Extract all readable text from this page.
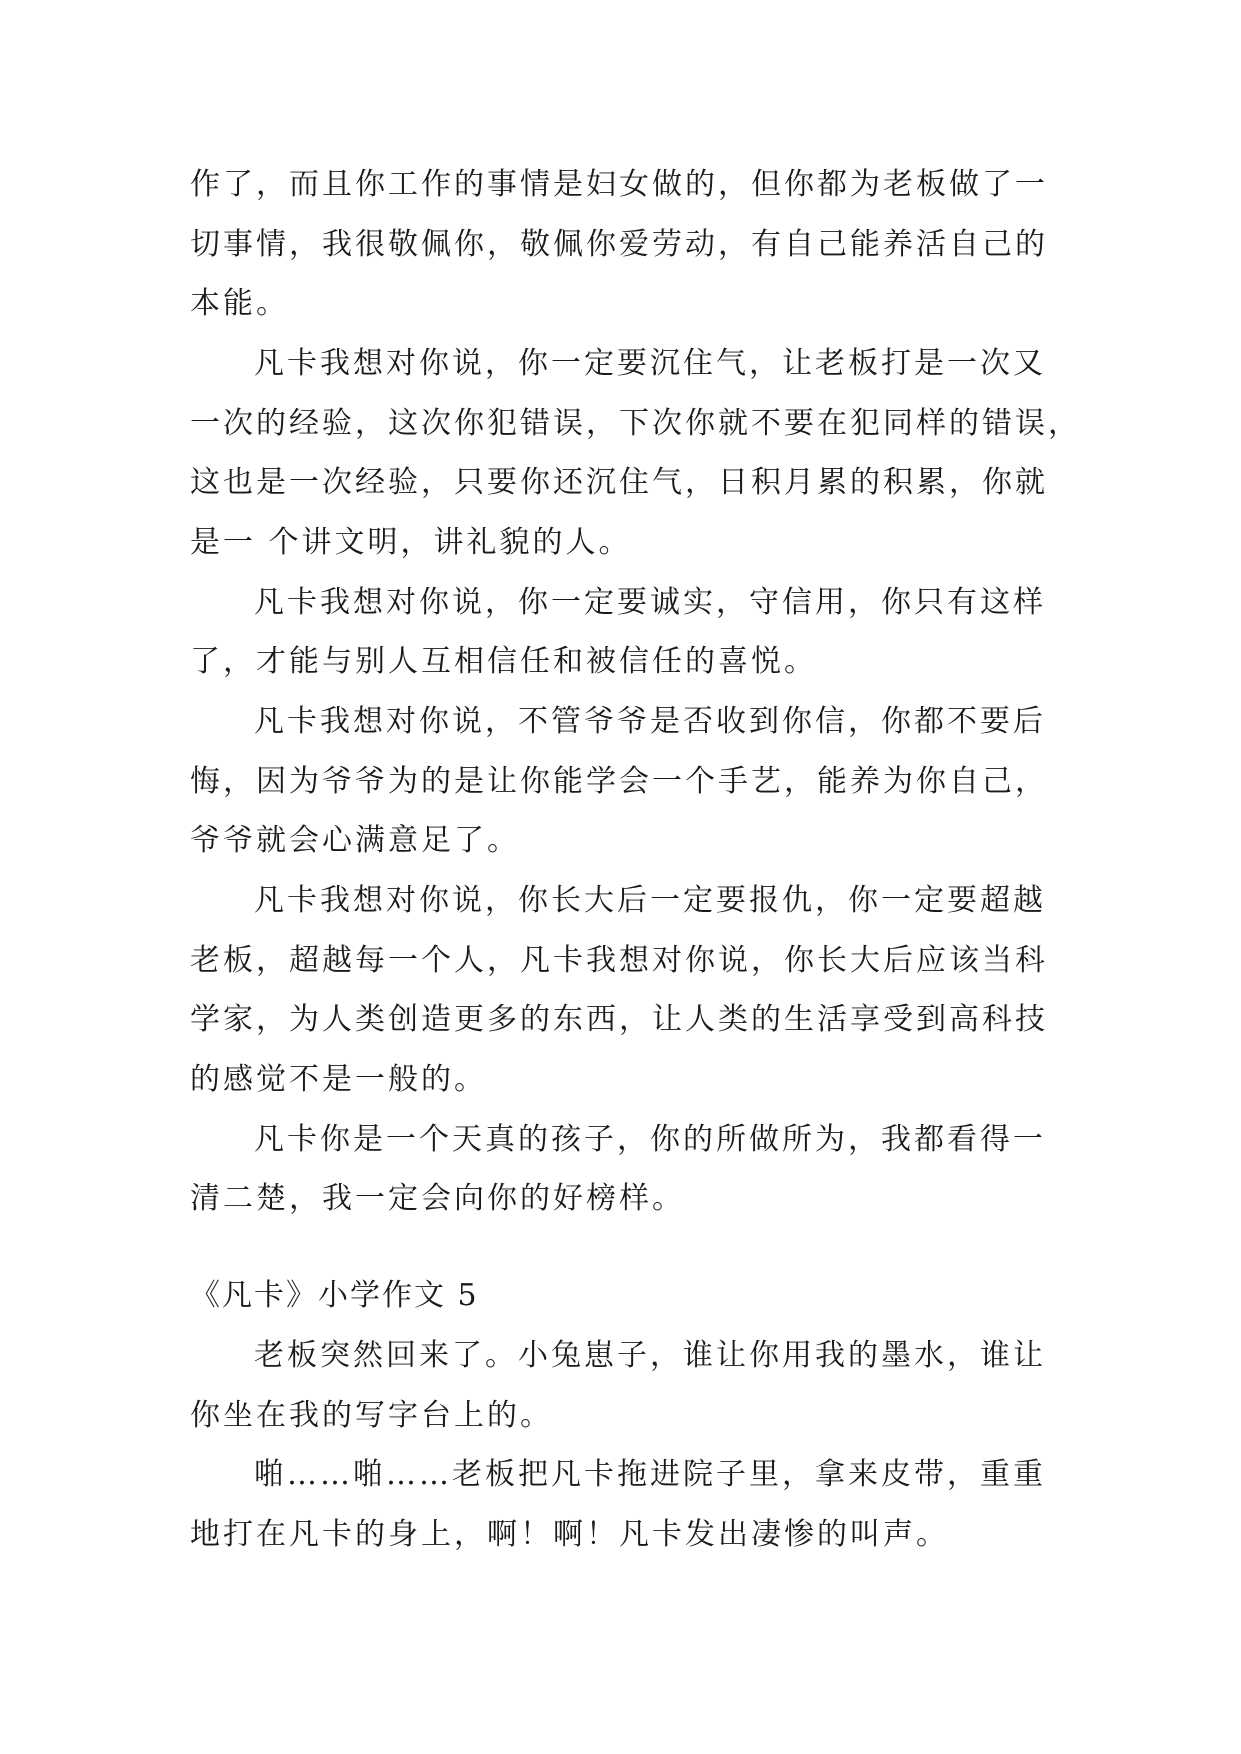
作了，而且你工作的事情是妇女做的，但你都为老板做了一
切事情，我很敬佩你，敬佩你爱劳动，有自己能养活自己的
本能。
凡卡我想对你说，你一定要沉住气，让老板打是一次又
一次的经验，这次你犯错误，下次你就不要在犯同样的错误，
这也是一次经验，只要你还沉住气，日积月累的积累，你就
是一 个讲文明，讲礼貌的人。
凡卡我想对你说，你一定要诚实，守信用，你只有这样
了，才能与别人互相信任和被信任的喜悦。
凡卡我想对你说，不管爷爷是否收到你信，你都不要后
悔，因为爷爷为的是让你能学会一个手艺，能养为你自己，
爷爷就会心满意足了。
凡卡我想对你说，你长大后一定要报仇，你一定要超越
老板，超越每一个人，凡卡我想对你说，你长大后应该当科
学家，为人类创造更多的东西，让人类的生活享受到高科技
的感觉不是一般的。
凡卡你是一个天真的孩子，你的所做所为，我都看得一
清二楚，我一定会向你的好榜样。
《凡卡》小学作文 5
老板突然回来了。小兔崽子，谁让你用我的墨水，谁让
你坐在我的写字台上的。
啪……啪……老板把凡卡拖进院子里，拿来皮带，重重
地打在凡卡的身上，啊！啊！凡卡发出凄惨的叫声。
